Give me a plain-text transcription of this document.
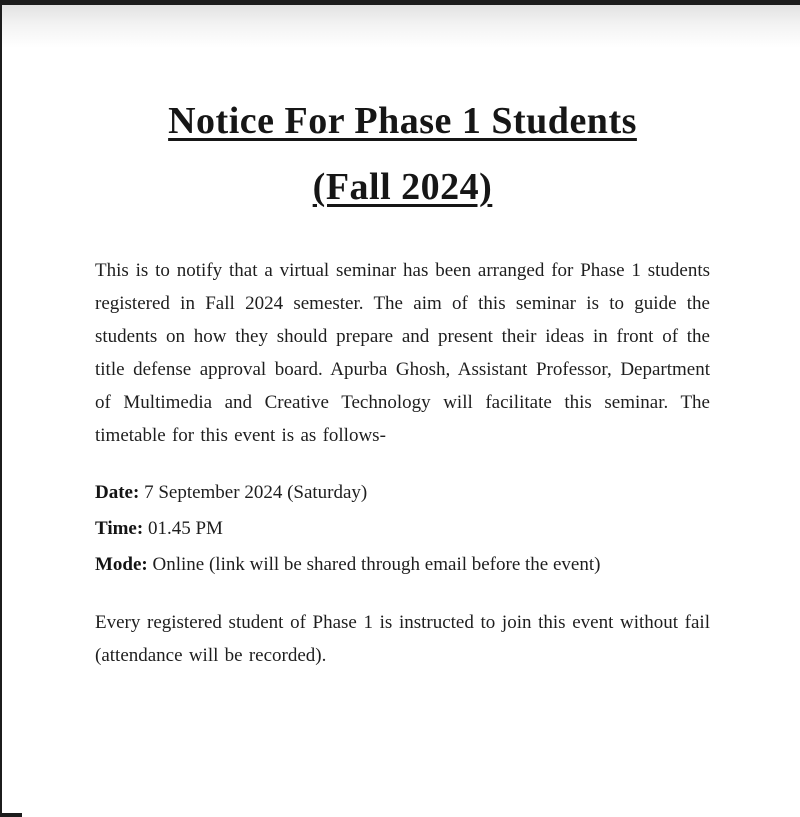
Notice For Phase 1 Students
(Fall 2024)

This is to notify that a virtual seminar has been arranged for Phase 1 students registered in Fall 2024 semester. The aim of this seminar is to guide the students on how they should prepare and present their ideas in front of the title defense approval board. Apurba Ghosh, Assistant Professor, Department of Multimedia and Creative Technology will facilitate this seminar. The timetable for this event is as follows-

Date: 7 September 2024 (Saturday)
Time: 01.45 PM
Mode: Online (link will be shared through email before the event)

Every registered student of Phase 1 is instructed to join this event without fail (attendance will be recorded).
